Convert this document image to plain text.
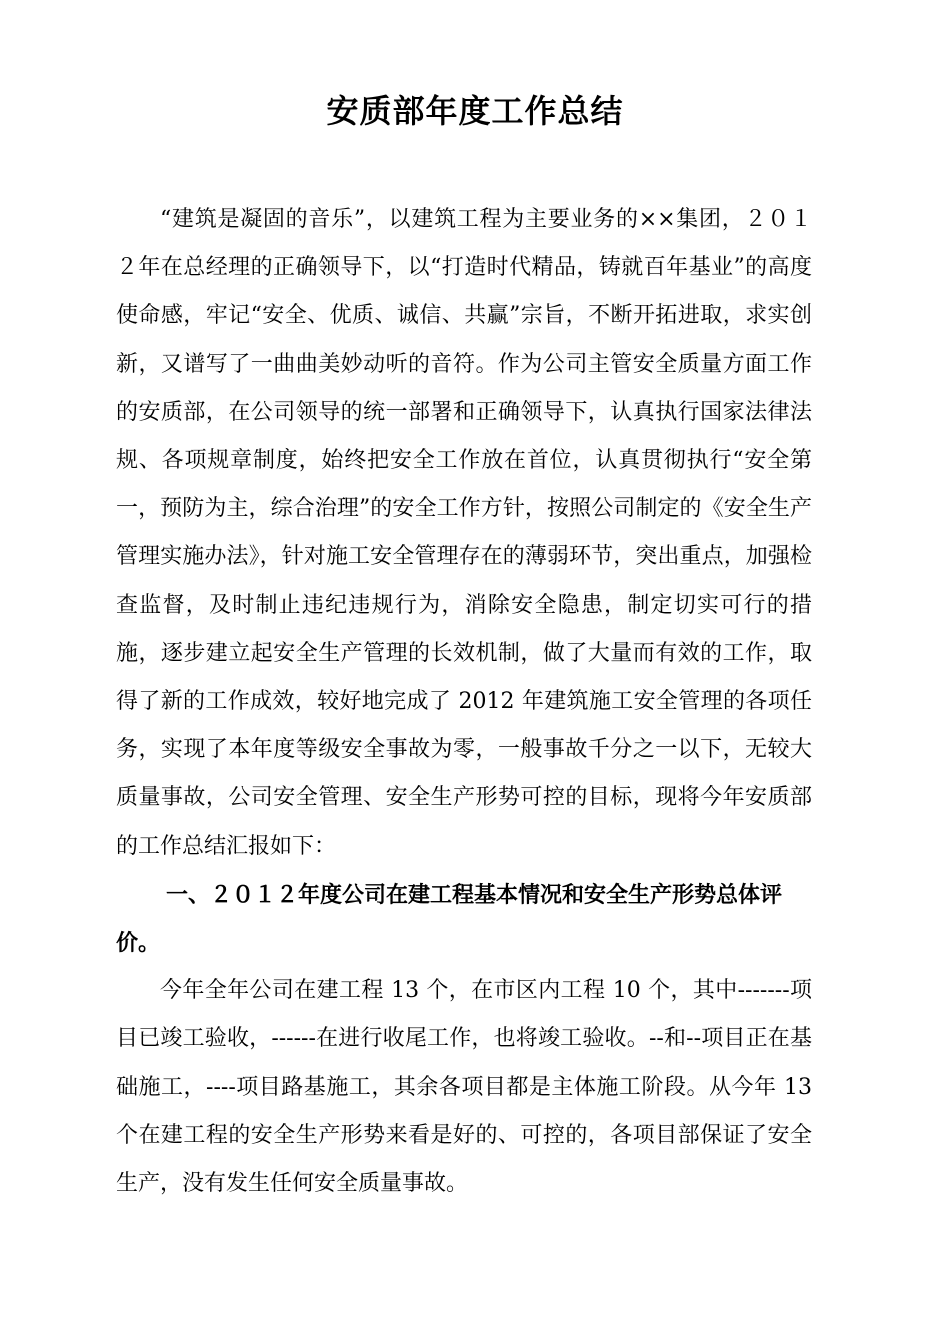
安质部年度工作总结

“建筑是凝固的音乐”，以建筑工程为主要业务的××集团，２０１２年在总经理的正确领导下，以“打造时代精品，铸就百年基业”的高度使命感，牢记“安全、优质、诚信、共赢”宗旨，不断开拓进取，求实创新，又谱写了一曲曲美妙动听的音符。作为公司主管安全质量方面工作的安质部，在公司领导的统一部署和正确领导下，认真执行国家法律法规、各项规章制度，始终把安全工作放在首位，认真贯彻执行“安全第一，预防为主，综合治理”的安全工作方针，按照公司制定的《安全生产管理实施办法》，针对施工安全管理存在的薄弱环节，突出重点，加强检查监督，及时制止违纪违规行为，消除安全隐患，制定切实可行的措施，逐步建立起安全生产管理的长效机制，做了大量而有效的工作，取得了新的工作成效，较好地完成了 2012 年建筑施工安全管理的各项任务，实现了本年度等级安全事故为零，一般事故千分之一以下，无较大质量事故，公司安全管理、安全生产形势可控的目标，现将今年安质部的工作总结汇报如下：

一、２０１２年度公司在建工程基本情况和安全生产形势总体评价。

今年全年公司在建工程 13 个，在市区内工程 10 个，其中-------项目已竣工验收，------在进行收尾工作，也将竣工验收。--和--项目正在基础施工，----项目路基施工，其余各项目都是主体施工阶段。从今年 13 个在建工程的安全生产形势来看是好的、可控的，各项目部保证了安全生产，没有发生任何安全质量事故。
